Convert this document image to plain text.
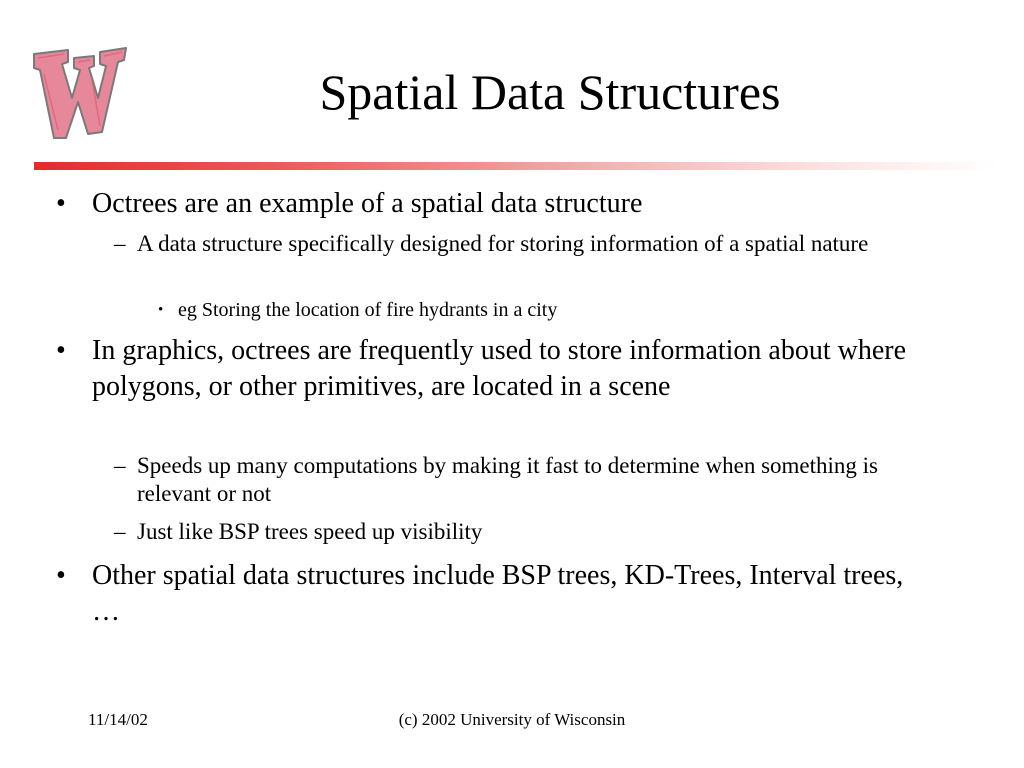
Spatial Data Structures
• Octrees are an example of a spatial data structure
– A data structure specifically designed for storing information of a spatial nature
• eg Storing the location of fire hydrants in a city
• In graphics, octrees are frequently used to store information about where polygons, or other primitives, are located in a scene
– Speeds up many computations by making it fast to determine when something is relevant or not
– Just like BSP trees speed up visibility
• Other spatial data structures include BSP trees, KD-Trees, Interval trees, …
11/14/02	(c) 2002 University of Wisconsin
